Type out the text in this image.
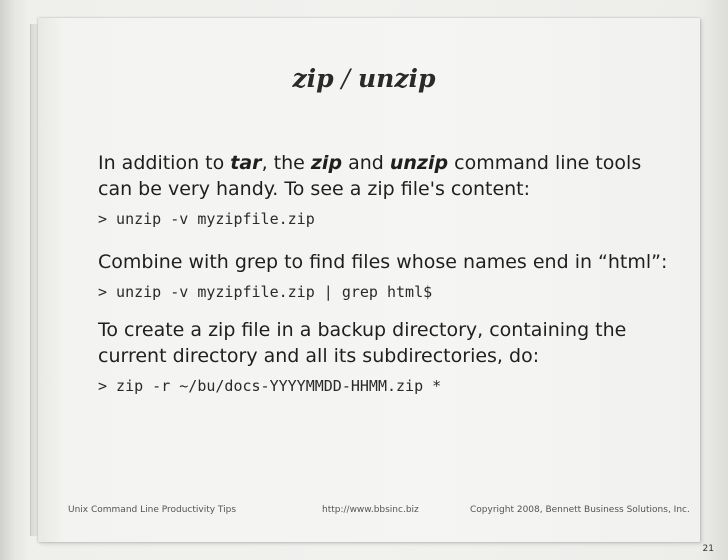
zip / unzip

In addition to tar, the zip and unzip command line tools
can be very handy. To see a zip file's content:

> unzip -v myzipfile.zip

Combine with grep to find files whose names end in “html”:

> unzip -v myzipfile.zip | grep html$

To create a zip file in a backup directory, containing the
current directory and all its subdirectories, do:

> zip -r ~/bu/docs-YYYYMMDD-HHMM.zip *
Unix Command Line Productivity Tips	http://www.bbsinc.biz	Copyright 2008, Bennett Business Solutions, Inc.
21
